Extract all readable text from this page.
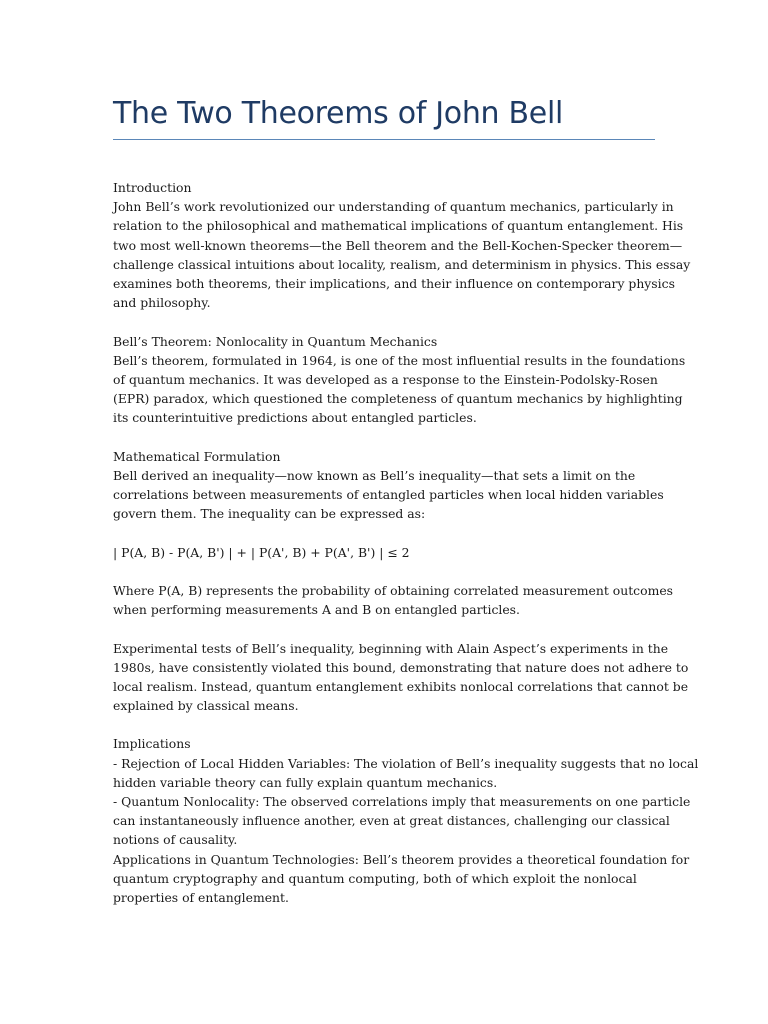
The Two Theorems of John Bell
Introduction
John Bell’s work revolutionized our understanding of quantum mechanics, particularly in
relation to the philosophical and mathematical implications of quantum entanglement. His
two most well-known theorems—the Bell theorem and the Bell-Kochen-Specker theorem—
challenge classical intuitions about locality, realism, and determinism in physics. This essay
examines both theorems, their implications, and their influence on contemporary physics
and philosophy.
Bell’s Theorem: Nonlocality in Quantum Mechanics
Bell’s theorem, formulated in 1964, is one of the most influential results in the foundations
of quantum mechanics. It was developed as a response to the Einstein-Podolsky-Rosen
(EPR) paradox, which questioned the completeness of quantum mechanics by highlighting
its counterintuitive predictions about entangled particles.
Mathematical Formulation
Bell derived an inequality—now known as Bell’s inequality—that sets a limit on the
correlations between measurements of entangled particles when local hidden variables
govern them. The inequality can be expressed as:
| P(A, B) - P(A, B') | + | P(A', B) + P(A', B') | ≤ 2
Where P(A, B) represents the probability of obtaining correlated measurement outcomes
when performing measurements A and B on entangled particles.
Experimental tests of Bell’s inequality, beginning with Alain Aspect’s experiments in the
1980s, have consistently violated this bound, demonstrating that nature does not adhere to
local realism. Instead, quantum entanglement exhibits nonlocal correlations that cannot be
explained by classical means.
Implications
- Rejection of Local Hidden Variables: The violation of Bell’s inequality suggests that no local
hidden variable theory can fully explain quantum mechanics.
- Quantum Nonlocality: The observed correlations imply that measurements on one particle
can instantaneously influence another, even at great distances, challenging our classical
notions of causality.
Applications in Quantum Technologies: Bell’s theorem provides a theoretical foundation for
quantum cryptography and quantum computing, both of which exploit the nonlocal
properties of entanglement.
